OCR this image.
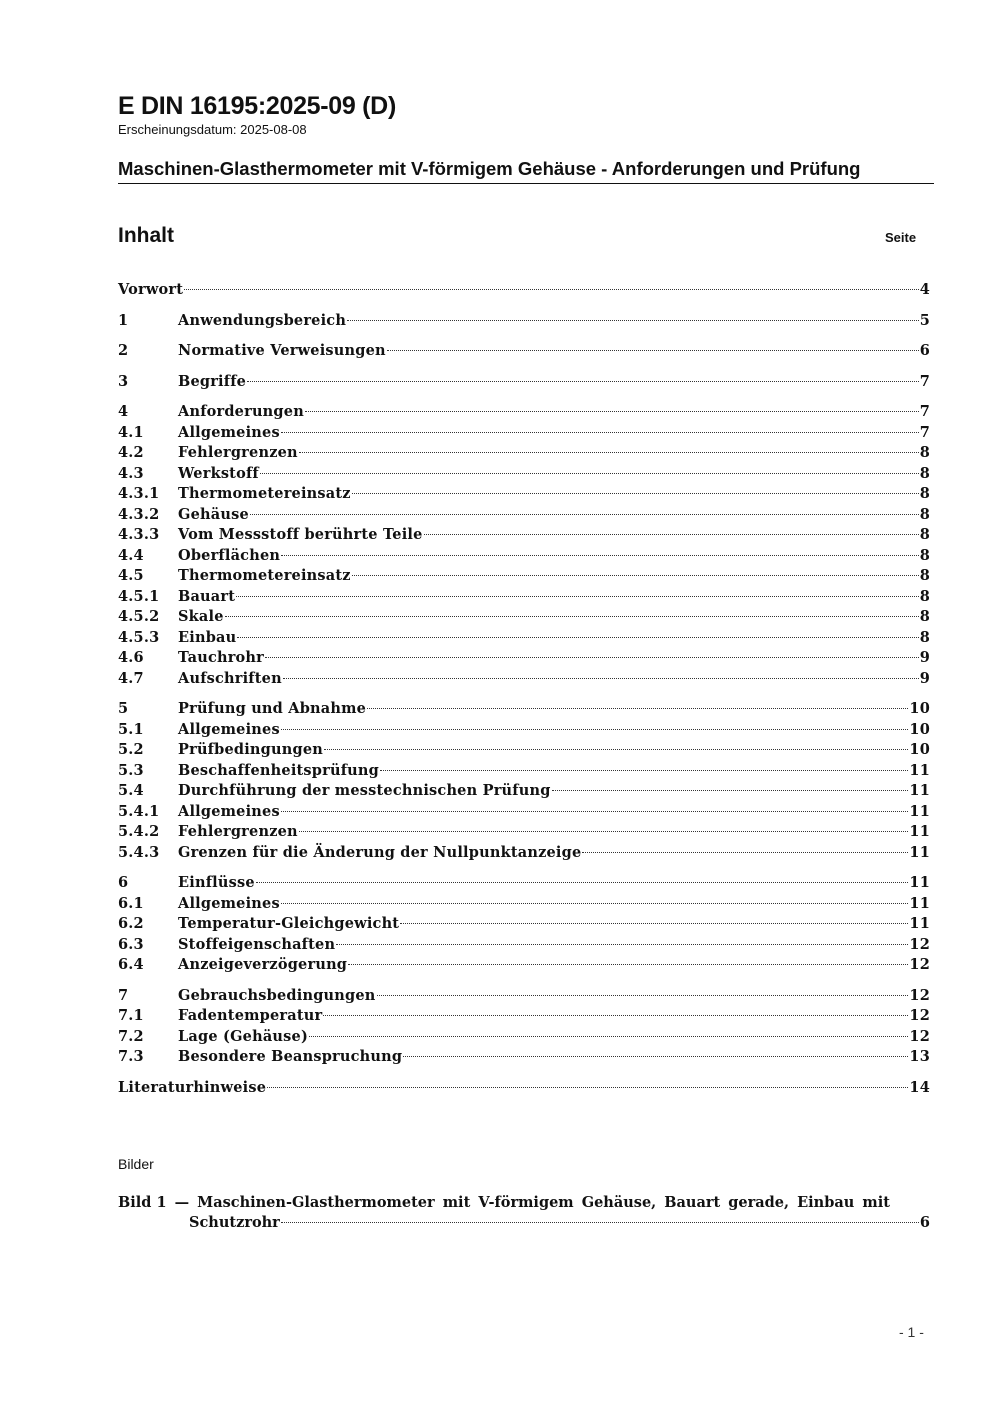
E DIN 16195:2025-09 (D)
Erscheinungsdatum: 2025-08-08
Maschinen-Glasthermometer mit V-förmigem Gehäuse - Anforderungen und Prüfung
Inhalt	Seite
Vorwort	4
1	Anwendungsbereich	5
2	Normative Verweisungen	6
3	Begriffe	7
4	Anforderungen	7
4.1	Allgemeines	7
4.2	Fehlergrenzen	8
4.3	Werkstoff	8
4.3.1	Thermometereinsatz	8
4.3.2	Gehäuse	8
4.3.3	Vom Messstoff berührte Teile	8
4.4	Oberflächen	8
4.5	Thermometereinsatz	8
4.5.1	Bauart	8
4.5.2	Skale	8
4.5.3	Einbau	8
4.6	Tauchrohr	9
4.7	Aufschriften	9
5	Prüfung und Abnahme	10
5.1	Allgemeines	10
5.2	Prüfbedingungen	10
5.3	Beschaffenheitsprüfung	11
5.4	Durchführung der messtechnischen Prüfung	11
5.4.1	Allgemeines	11
5.4.2	Fehlergrenzen	11
5.4.3	Grenzen für die Änderung der Nullpunktanzeige	11
6	Einflüsse	11
6.1	Allgemeines	11
6.2	Temperatur-Gleichgewicht	11
6.3	Stoffeigenschaften	12
6.4	Anzeigeverzögerung	12
7	Gebrauchsbedingungen	12
7.1	Fadentemperatur	12
7.2	Lage (Gehäuse)	12
7.3	Besondere Beanspruchung	13
Literaturhinweise	14
Bilder
Bild 1 — Maschinen-Glasthermometer mit V-förmigem Gehäuse, Bauart gerade, Einbau mit
Schutzrohr	6
- 1 -
